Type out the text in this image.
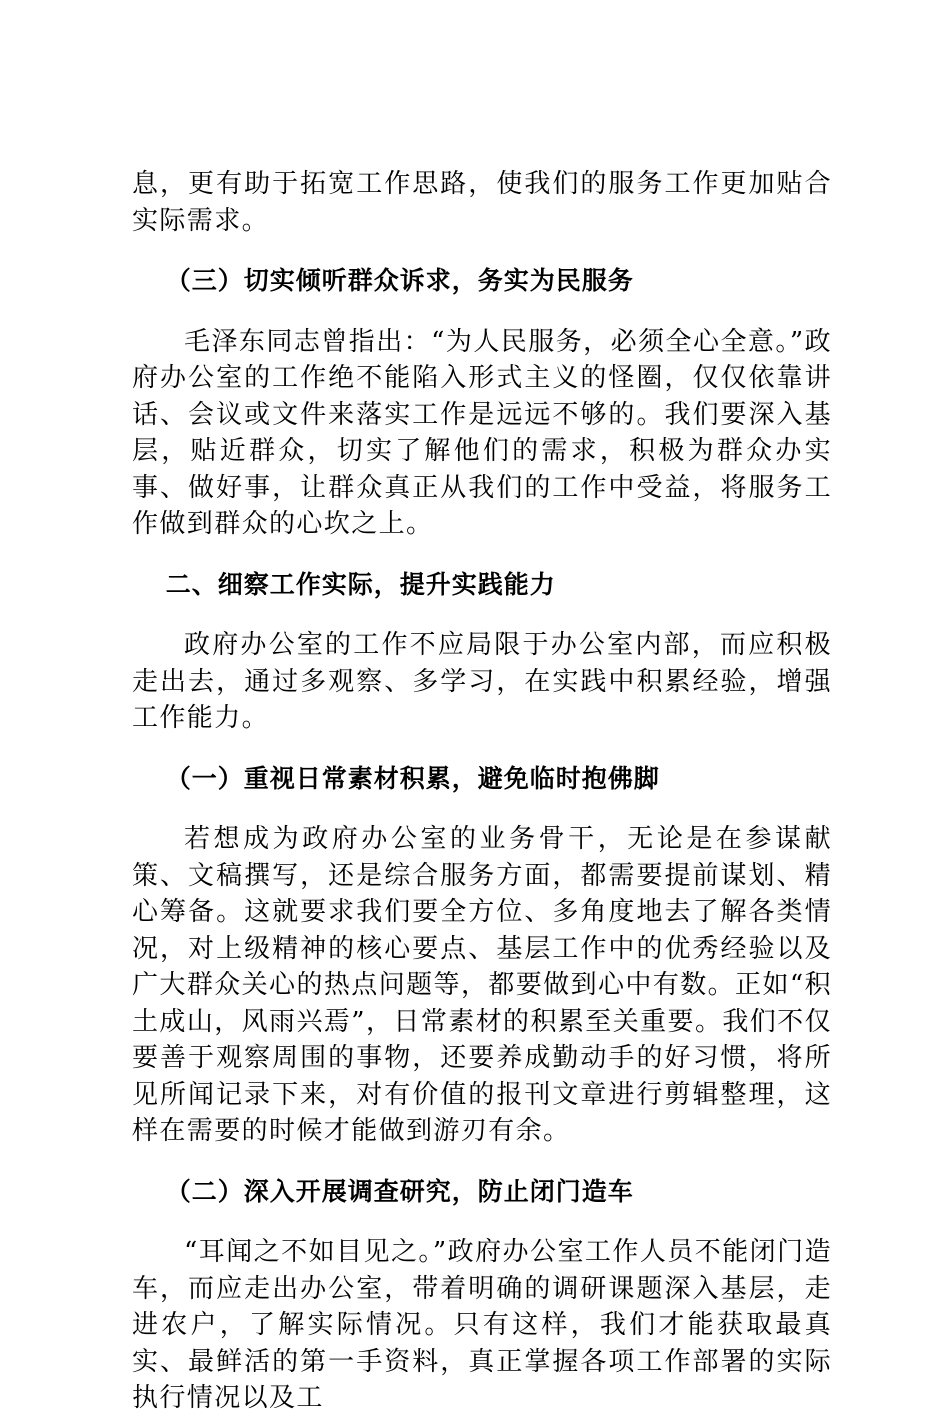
息，更有助于拓宽工作思路，使我们的服务工作更加贴合实际需求。

（三）切实倾听群众诉求，务实为民服务

毛泽东同志曾指出：“为人民服务，必须全心全意。”政府办公室的工作绝不能陷入形式主义的怪圈，仅仅依靠讲话、会议或文件来落实工作是远远不够的。我们要深入基层，贴近群众，切实了解他们的需求，积极为群众办实事、做好事，让群众真正从我们的工作中受益，将服务工作做到群众的心坎之上。

二、细察工作实际，提升实践能力

政府办公室的工作不应局限于办公室内部，而应积极走出去，通过多观察、多学习，在实践中积累经验，增强工作能力。

（一）重视日常素材积累，避免临时抱佛脚

若想成为政府办公室的业务骨干，无论是在参谋献策、文稿撰写，还是综合服务方面，都需要提前谋划、精心筹备。这就要求我们要全方位、多角度地去了解各类情况，对上级精神的核心要点、基层工作中的优秀经验以及广大群众关心的热点问题等，都要做到心中有数。正如“积土成山，风雨兴焉”，日常素材的积累至关重要。我们不仅要善于观察周围的事物，还要养成勤动手的好习惯，将所见所闻记录下来，对有价值的报刊文章进行剪辑整理，这样在需要的时候才能做到游刃有余。

（二）深入开展调查研究，防止闭门造车

“耳闻之不如目见之。”政府办公室工作人员不能闭门造车，而应走出办公室，带着明确的调研课题深入基层，走进农户，了解实际情况。只有这样，我们才能获取最真实、最鲜活的第一手资料，真正掌握各项工作部署的实际执行情况以及工
